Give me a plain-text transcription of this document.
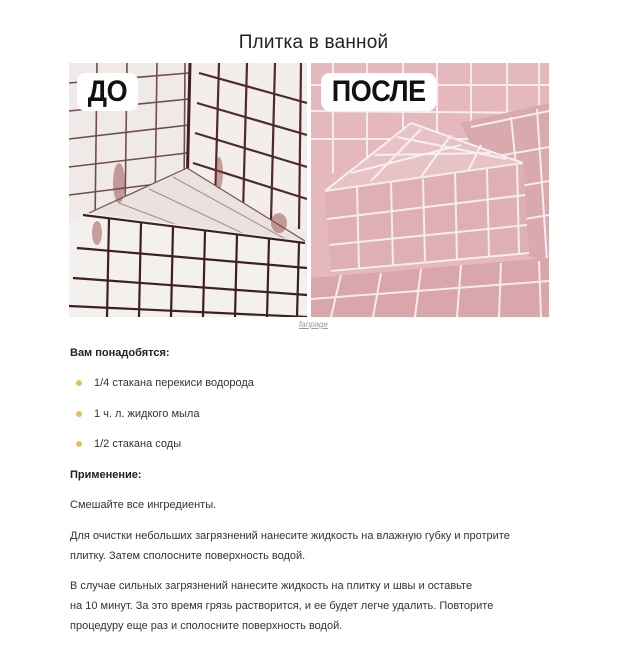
Плитка в ванной
ДО	ПОСЛЕ
fanpage
Вам понадобятся:
1/4 стакана перекиси водорода
1 ч. л. жидкого мыла
1/2 стакана соды
Применение:
Смешайте все ингредиенты.
Для очистки небольших загрязнений нанесите жидкость на влажную губку и протрите
плитку. Затем сполосните поверхность водой.
В случае сильных загрязнений нанесите жидкость на плитку и швы и оставьте
на 10 минут. За это время грязь растворится, и ее будет легче удалить. Повторите
процедуру еще раз и сполосните поверхность водой.
